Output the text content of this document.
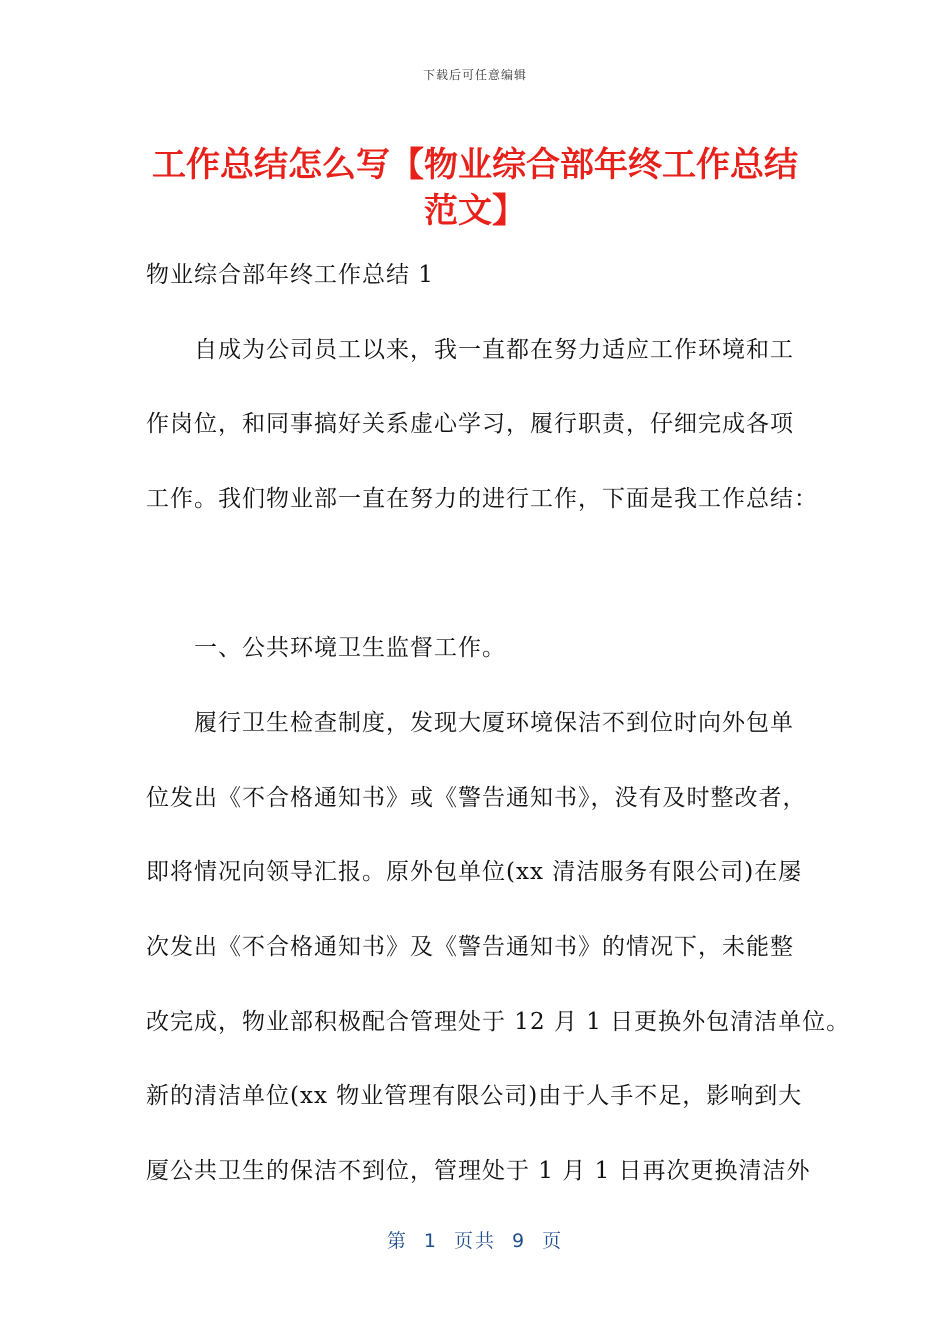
下载后可任意编辑
工作总结怎么写【物业综合部年终工作总结
范文】
物业综合部年终工作总结 1
自成为公司员工以来，我一直都在努力适应工作环境和工
作岗位，和同事搞好关系虚心学习，履行职责，仔细完成各项
工作。我们物业部一直在努力的进行工作，下面是我工作总结：
一、公共环境卫生监督工作。
履行卫生检查制度，发现大厦环境保洁不到位时向外包单
位发出《不合格通知书》或《警告通知书》，没有及时整改者，
即将情况向领导汇报。原外包单位(xx 清洁服务有限公司)在屡
次发出《不合格通知书》及《警告通知书》的情况下，未能整
改完成，物业部积极配合管理处于 12 月 1 日更换外包清洁单位。
新的清洁单位(xx 物业管理有限公司)由于人手不足，影响到大
厦公共卫生的保洁不到位，管理处于 1 月 1 日再次更换清洁外
第 1 页共 9 页
